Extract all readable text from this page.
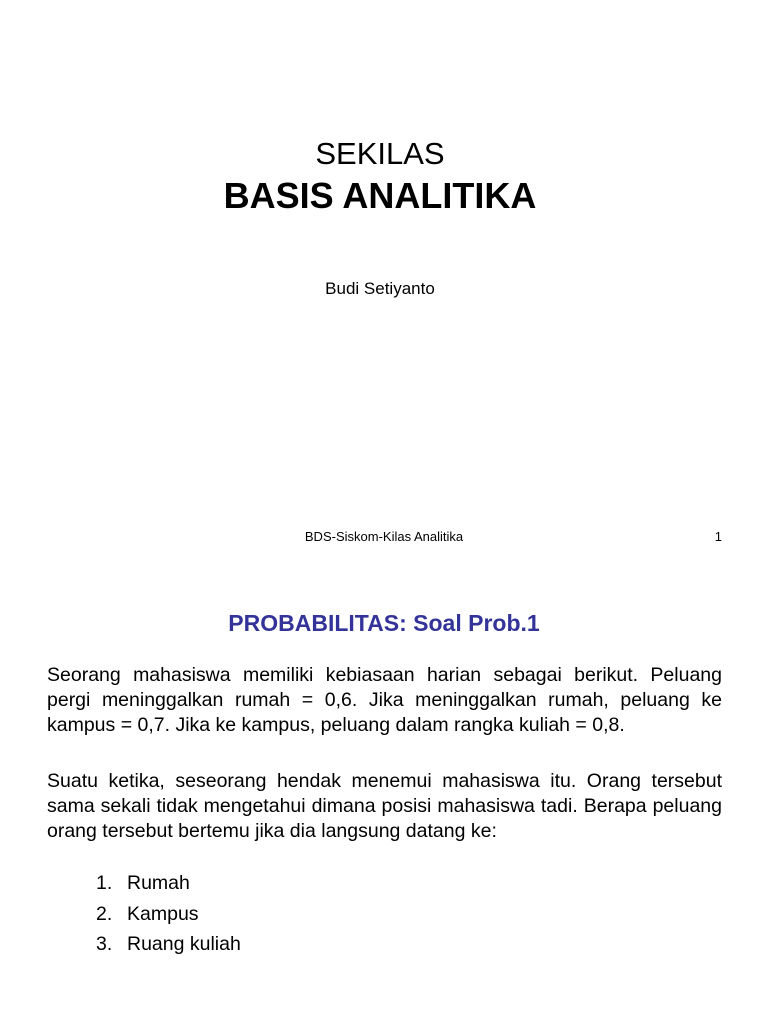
SEKILAS
BASIS ANALITIKA
Budi Setiyanto
BDS-Siskom-Kilas Analitika	1
PROBABILITAS: Soal Prob.1

Seorang mahasiswa memiliki kebiasaan harian sebagai berikut. Peluang pergi meninggalkan rumah = 0,6. Jika meninggalkan rumah, peluang ke kampus = 0,7. Jika ke kampus, peluang dalam rangka kuliah = 0,8.

Suatu ketika, seseorang hendak menemui mahasiswa itu. Orang tersebut sama sekali tidak mengetahui dimana posisi mahasiswa tadi. Berapa peluang orang tersebut bertemu jika dia langsung datang ke:

1. Rumah
2. Kampus
3. Ruang kuliah
